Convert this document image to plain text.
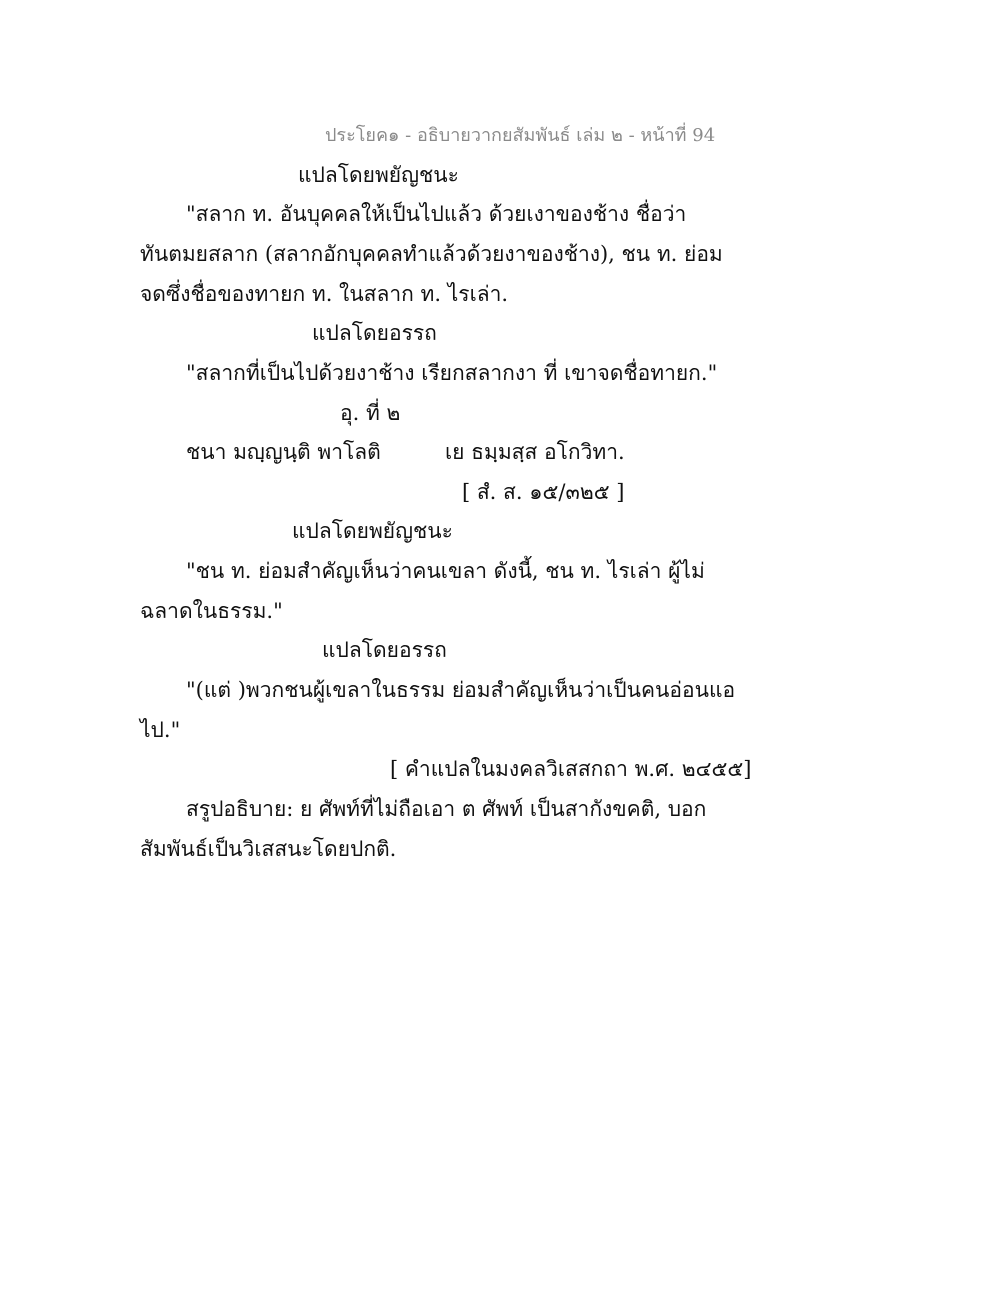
ประโยค๑ - อธิบายวากยสัมพันธ์ เล่ม ๒ - หน้าที่ 94
แปลโดยพยัญชนะ
"สลาก ท. อันบุคคลให้เป็นไปแล้ว ด้วยเงาของช้าง ชื่อว่า
ทันตมยสลาก (สลากอักบุคคลทำแล้วด้วยงาของช้าง), ชน ท. ย่อม
จดซึ่งชื่อของทายก ท. ในสลาก ท. ไรเล่า.
แปลโดยอรรถ
"สลากที่เป็นไปด้วยงาช้าง เรียกสลากงา ที่ เขาจดชื่อทายก."
อุ. ที่ ๒
ชนา มญฺญนฺติ พาโลติ	เย ธมฺมสฺส อโกวิทา.
[ สํ. ส. ๑๕/๓๒๕ ]
แปลโดยพยัญชนะ
"ชน ท. ย่อมสำคัญเห็นว่าคนเขลา ดังนี้, ชน ท. ไรเล่า ผู้ไม่
ฉลาดในธรรม."
แปลโดยอรรถ
"(แต่ )พวกชนผู้เขลาในธรรม ย่อมสำคัญเห็นว่าเป็นคนอ่อนแอ
ไป."
[ คำแปลในมงคลวิเสสกถา พ.ศ. ๒๔๕๕]
สรูปอธิบาย: ย ศัพท์ที่ไม่ถือเอา ต ศัพท์ เป็นสากังขคติ, บอก
สัมพันธ์เป็นวิเสสนะโดยปกติ.
